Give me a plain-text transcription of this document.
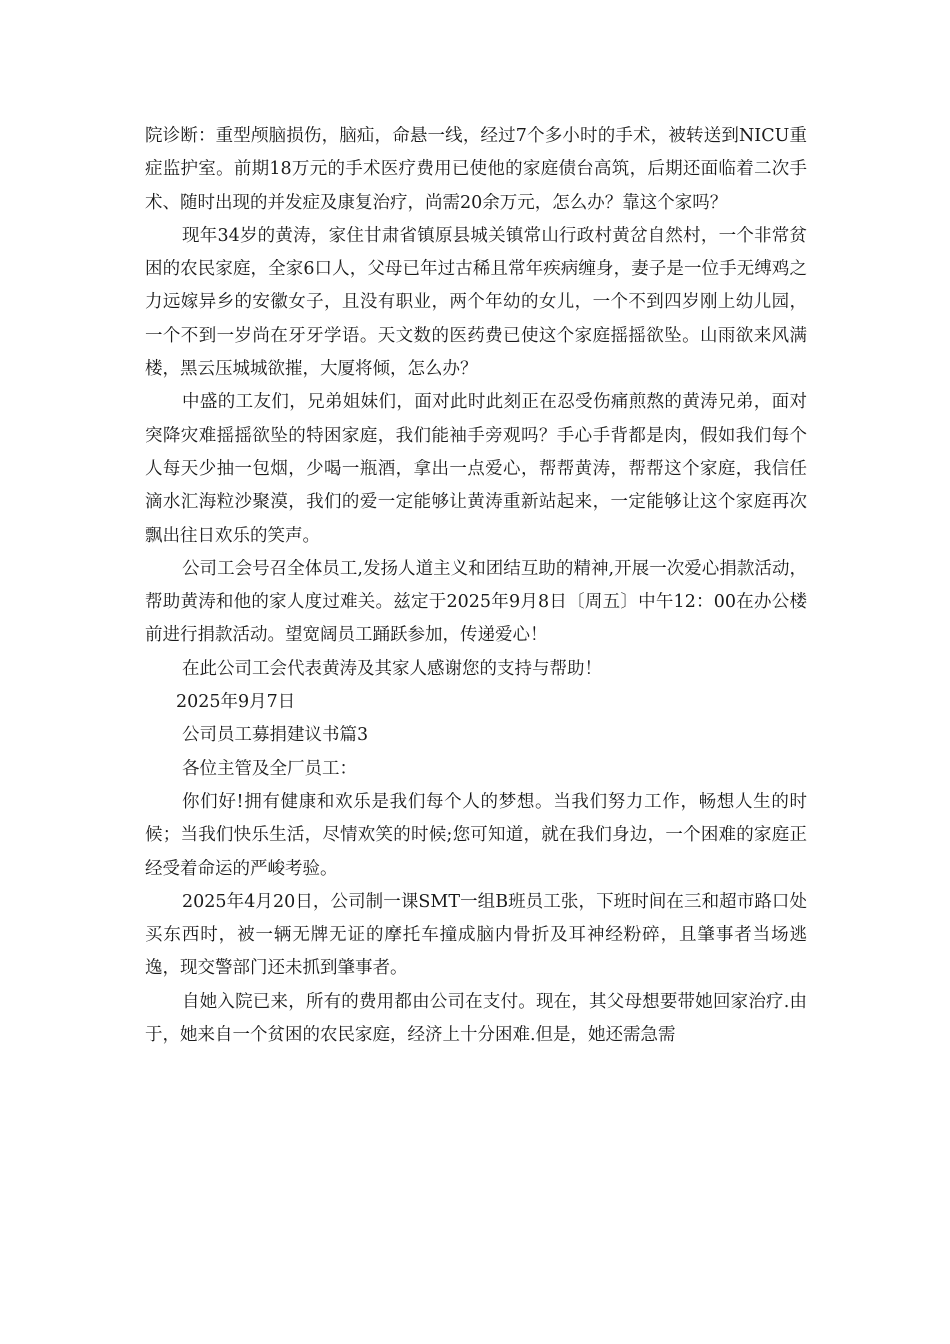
院诊断：重型颅脑损伤，脑疝，命悬一线，经过7个多小时的手术，被转送到NICU重症监护室。前期18万元的手术医疗费用已使他的家庭债台高筑，后期还面临着二次手术、随时出现的并发症及康复治疗，尚需20余万元，怎么办？靠这个家吗？

现年34岁的黄涛，家住甘肃省镇原县城关镇常山行政村黄岔自然村，一个非常贫困的农民家庭，全家6口人，父母已年过古稀且常年疾病缠身，妻子是一位手无缚鸡之力远嫁异乡的安徽女子，且没有职业，两个年幼的女儿，一个不到四岁刚上幼儿园，一个不到一岁尚在牙牙学语。天文数的医药费已使这个家庭摇摇欲坠。山雨欲来风满楼，黑云压城城欲摧，大厦将倾，怎么办？

中盛的工友们，兄弟姐妹们，面对此时此刻正在忍受伤痛煎熬的黄涛兄弟，面对突降灾难摇摇欲坠的特困家庭，我们能袖手旁观吗？手心手背都是肉，假如我们每个人每天少抽一包烟，少喝一瓶酒，拿出一点爱心，帮帮黄涛，帮帮这个家庭，我信任滴水汇海粒沙聚漠，我们的爱一定能够让黄涛重新站起来，一定能够让这个家庭再次飘出往日欢乐的笑声。

公司工会号召全体员工,发扬人道主义和团结互助的精神,开展一次爱心捐款活动，帮助黄涛和他的家人度过难关。兹定于2025年9月8日〔周五〕中午12：00在办公楼前进行捐款活动。望宽阔员工踊跃参加，传递爱心！

在此公司工会代表黄涛及其家人感谢您的支持与帮助！

2025年9月7日

公司员工募捐建议书篇3

各位主管及全厂员工：

你们好!拥有健康和欢乐是我们每个人的梦想。当我们努力工作，畅想人生的时候；当我们快乐生活，尽情欢笑的时候;您可知道，就在我们身边，一个困难的家庭正经受着命运的严峻考验。

2025年4月20日，公司制一课SMT一组B班员工张，下班时间在三和超市路口处买东西时，被一辆无牌无证的摩托车撞成脑内骨折及耳神经粉碎，且肇事者当场逃逸，现交警部门还未抓到肇事者。

自她入院已来，所有的费用都由公司在支付。现在，其父母想要带她回家治疗.由于，她来自一个贫困的农民家庭，经济上十分困难.但是，她还需急需
